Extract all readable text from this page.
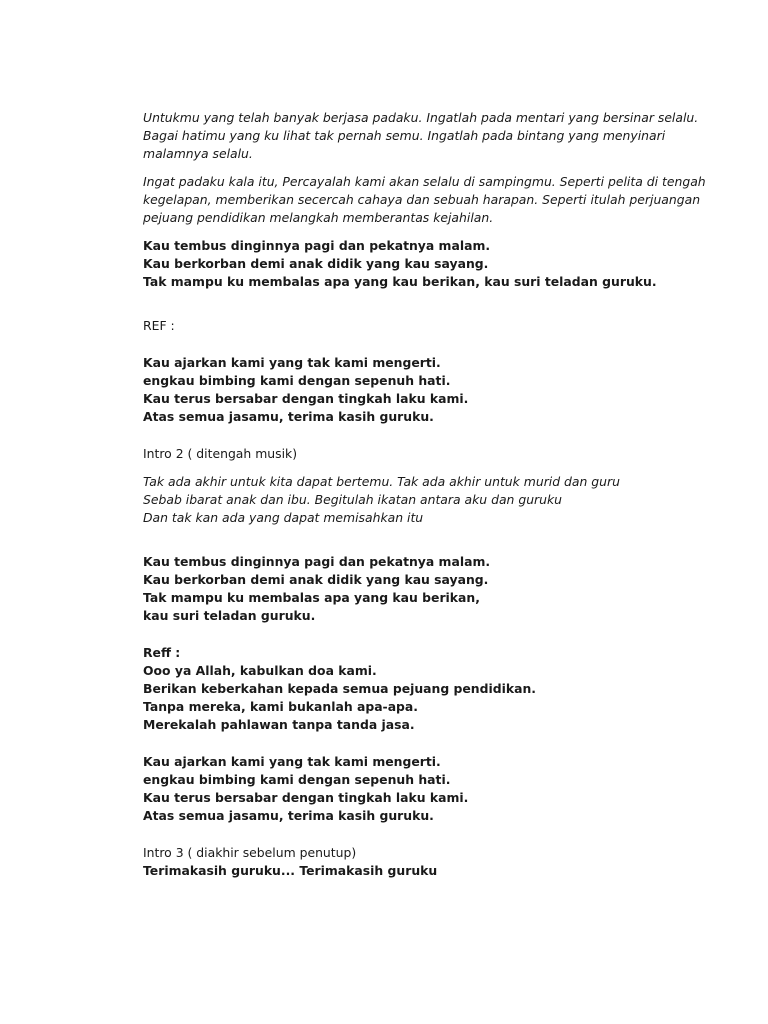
Untukmu yang telah banyak berjasa padaku. Ingatlah pada mentari yang bersinar selalu.
Bagai hatimu yang ku lihat tak pernah semu. Ingatlah pada bintang yang menyinari
malamnya selalu.
Ingat padaku kala itu, Percayalah kami akan selalu di sampingmu. Seperti pelita di tengah
kegelapan, memberikan secercah cahaya dan sebuah harapan. Seperti itulah perjuangan
pejuang pendidikan melangkah memberantas kejahilan.
Kau tembus dinginnya pagi dan pekatnya malam.
Kau berkorban demi anak didik yang kau sayang.
Tak mampu ku membalas apa yang kau berikan, kau suri teladan guruku.
REF :
Kau ajarkan kami yang tak kami mengerti.
engkau bimbing kami dengan sepenuh hati.
Kau terus bersabar dengan tingkah laku kami.
Atas semua jasamu, terima kasih guruku.
Intro 2 ( ditengah musik)
Tak ada akhir untuk kita dapat bertemu. Tak ada akhir untuk murid dan guru
Sebab ibarat anak dan ibu. Begitulah ikatan antara aku dan guruku
Dan tak kan ada yang dapat memisahkan itu
Kau tembus dinginnya pagi dan pekatnya malam.
Kau berkorban demi anak didik yang kau sayang.
Tak mampu ku membalas apa yang kau berikan,
kau suri teladan guruku.
Reff :
Ooo ya Allah, kabulkan doa kami.
Berikan keberkahan kepada semua pejuang pendidikan.
Tanpa mereka, kami bukanlah apa-apa.
Merekalah pahlawan tanpa tanda jasa.
Kau ajarkan kami yang tak kami mengerti.
engkau bimbing kami dengan sepenuh hati.
Kau terus bersabar dengan tingkah laku kami.
Atas semua jasamu, terima kasih guruku.
Intro 3 ( diakhir sebelum penutup)
Terimakasih guruku... Terimakasih guruku
